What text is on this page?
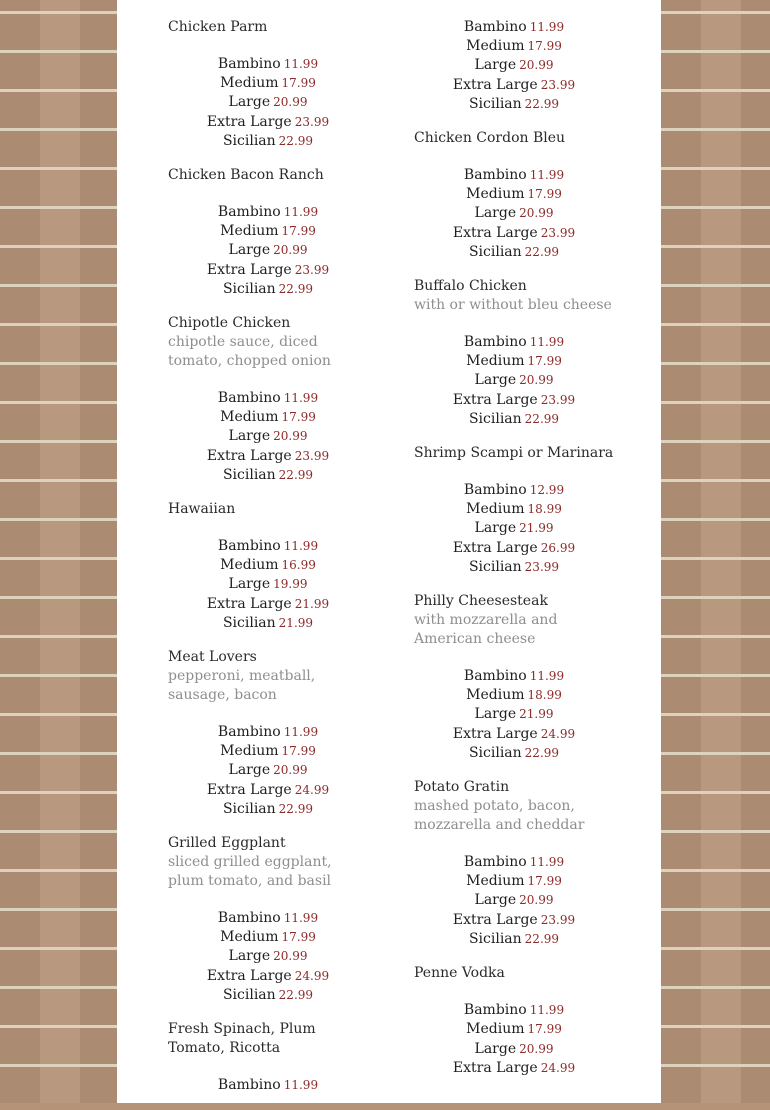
Chicken Parm
Bambino 11.99
Medium 17.99
Large 20.99
Extra Large 23.99
Sicilian 22.99
Chicken Bacon Ranch
Bambino 11.99
Medium 17.99
Large 20.99
Extra Large 23.99
Sicilian 22.99
Chipotle Chicken
chipotle sauce, diced tomato, chopped onion
Bambino 11.99
Medium 17.99
Large 20.99
Extra Large 23.99
Sicilian 22.99
Hawaiian
Bambino 11.99
Medium 16.99
Large 19.99
Extra Large 21.99
Sicilian 21.99
Meat Lovers
pepperoni, meatball, sausage, bacon
Bambino 11.99
Medium 17.99
Large 20.99
Extra Large 24.99
Sicilian 22.99
Grilled Eggplant
sliced grilled eggplant, plum tomato, and basil
Bambino 11.99
Medium 17.99
Large 20.99
Extra Large 24.99
Sicilian 22.99
Fresh Spinach, Plum Tomato, Ricotta
Bambino 11.99
Bambino 11.99
Medium 17.99
Large 20.99
Extra Large 23.99
Sicilian 22.99
Chicken Cordon Bleu
Bambino 11.99
Medium 17.99
Large 20.99
Extra Large 23.99
Sicilian 22.99
Buffalo Chicken
with or without bleu cheese
Bambino 11.99
Medium 17.99
Large 20.99
Extra Large 23.99
Sicilian 22.99
Shrimp Scampi or Marinara
Bambino 12.99
Medium 18.99
Large 21.99
Extra Large 26.99
Sicilian 23.99
Philly Cheesesteak
with mozzarella and American cheese
Bambino 11.99
Medium 18.99
Large 21.99
Extra Large 24.99
Sicilian 22.99
Potato Gratin
mashed potato, bacon, mozzarella and cheddar
Bambino 11.99
Medium 17.99
Large 20.99
Extra Large 23.99
Sicilian 22.99
Penne Vodka
Bambino 11.99
Medium 17.99
Large 20.99
Extra Large 24.99
